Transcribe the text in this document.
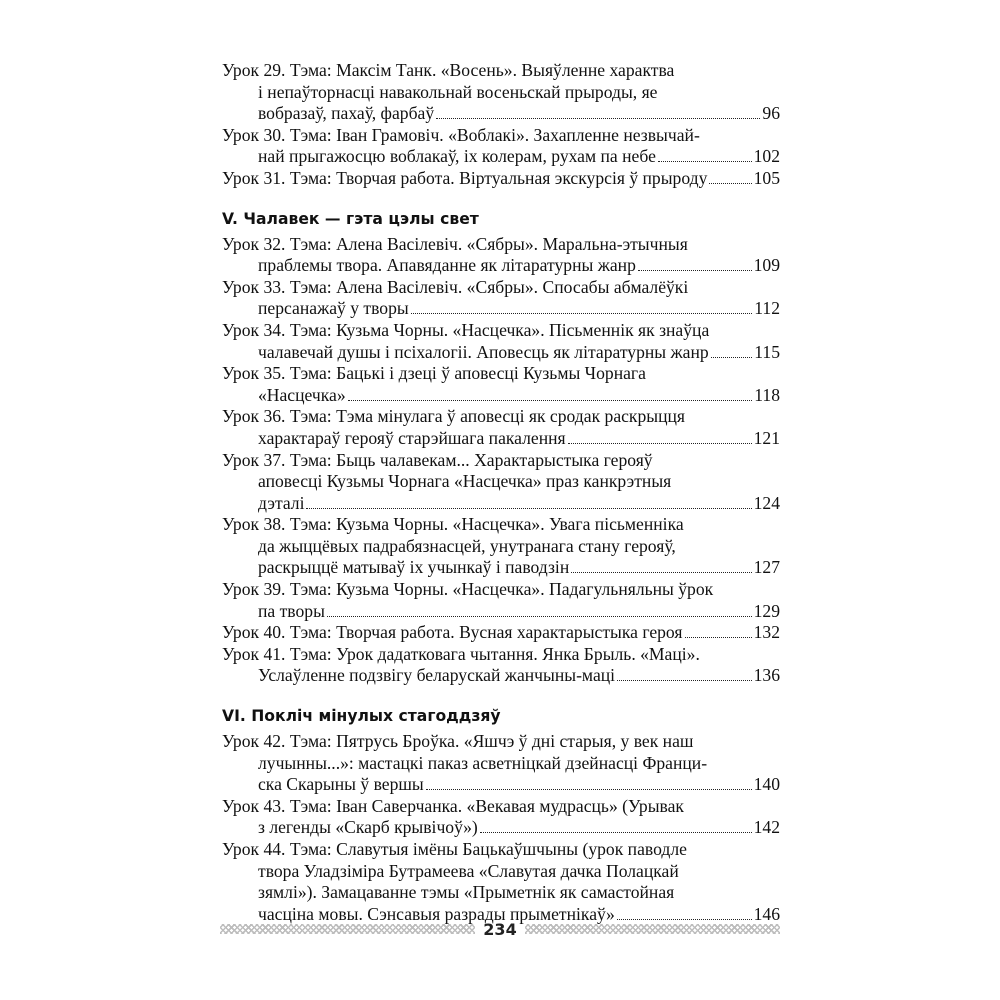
Урок 29. Тэма: Максім Танк. «Восень». Выяўленне характва
і непаўторнасці навакольнай восеньскай прыроды, яе
вобразаў, пахаў, фарбаў	96
Урок 30. Тэма: Іван Грамовіч. «Воблакі». Захапленне незвычай-
най прыгажосцю воблакаў, іх колерам, рухам па небе	102
Урок 31. Тэма: Творчая работа. Віртуальная экскурсія ў прыроду	105
V. Чалавек — гэта цэлы свет
Урок 32. Тэма: Алена Васілевіч. «Сябры». Маральна-этычныя
праблемы твора. Апавяданне як літаратурны жанр	109
Урок 33. Тэма: Алена Васілевіч. «Сябры». Спосабы абмалёўкі
персанажаў у творы	112
Урок 34. Тэма: Кузьма Чорны. «Насцечка». Пісьменнік як знаўца
чалавечай душы і псіхалогіі. Аповесць як літаратурны жанр	115
Урок 35. Тэма: Бацькі і дзеці ў аповесці Кузьмы Чорнага
«Насцечка»	118
Урок 36. Тэма: Тэма мінулага ў аповесці як сродак раскрыцця
характараў герояў старэйшага пакалення	121
Урок 37. Тэма: Быць чалавекам... Характарыстыка герояў
аповесці Кузьмы Чорнага «Насцечка» праз канкрэтныя
дэталі	124
Урок 38. Тэма: Кузьма Чорны. «Насцечка». Увага пісьменніка
да жыццёвых падрабязнасцей, унутранага стану герояў,
раскрыццё матываў іх учынкаў і паводзін	127
Урок 39. Тэма: Кузьма Чорны. «Насцечка». Падагульняльны ўрок
па творы	129
Урок 40. Тэма: Творчая работа. Вусная характарыстыка героя	132
Урок 41. Тэма: Урок дадатковага чытання. Янка Брыль. «Маці».
Услаўленне подзвігу беларускай жанчыны-маці	136
VI. Покліч мінулых стагоддзяў
Урок 42. Тэма: Пятрусь Броўка. «Яшчэ ў дні старыя, у век наш
лучынны...»: мастацкі паказ асветніцкай дзейнасці Франци-
ска Скарыны ў вершы	140
Урок 43. Тэма: Іван Саверчанка. «Векавая мудрасць» (Урывак
з легенды «Скарб крывічоў»)	142
Урок 44. Тэма: Славутыя імёны Бацькаўшчыны (урок паводле
твора Уладзіміра Бутрамеева «Славутая дачка Полацкай
зямлі»). Замацаванне тэмы «Прыметнік як самастойная
часціна мовы. Сэнсавыя разрады прыметнікаў»	146
234
